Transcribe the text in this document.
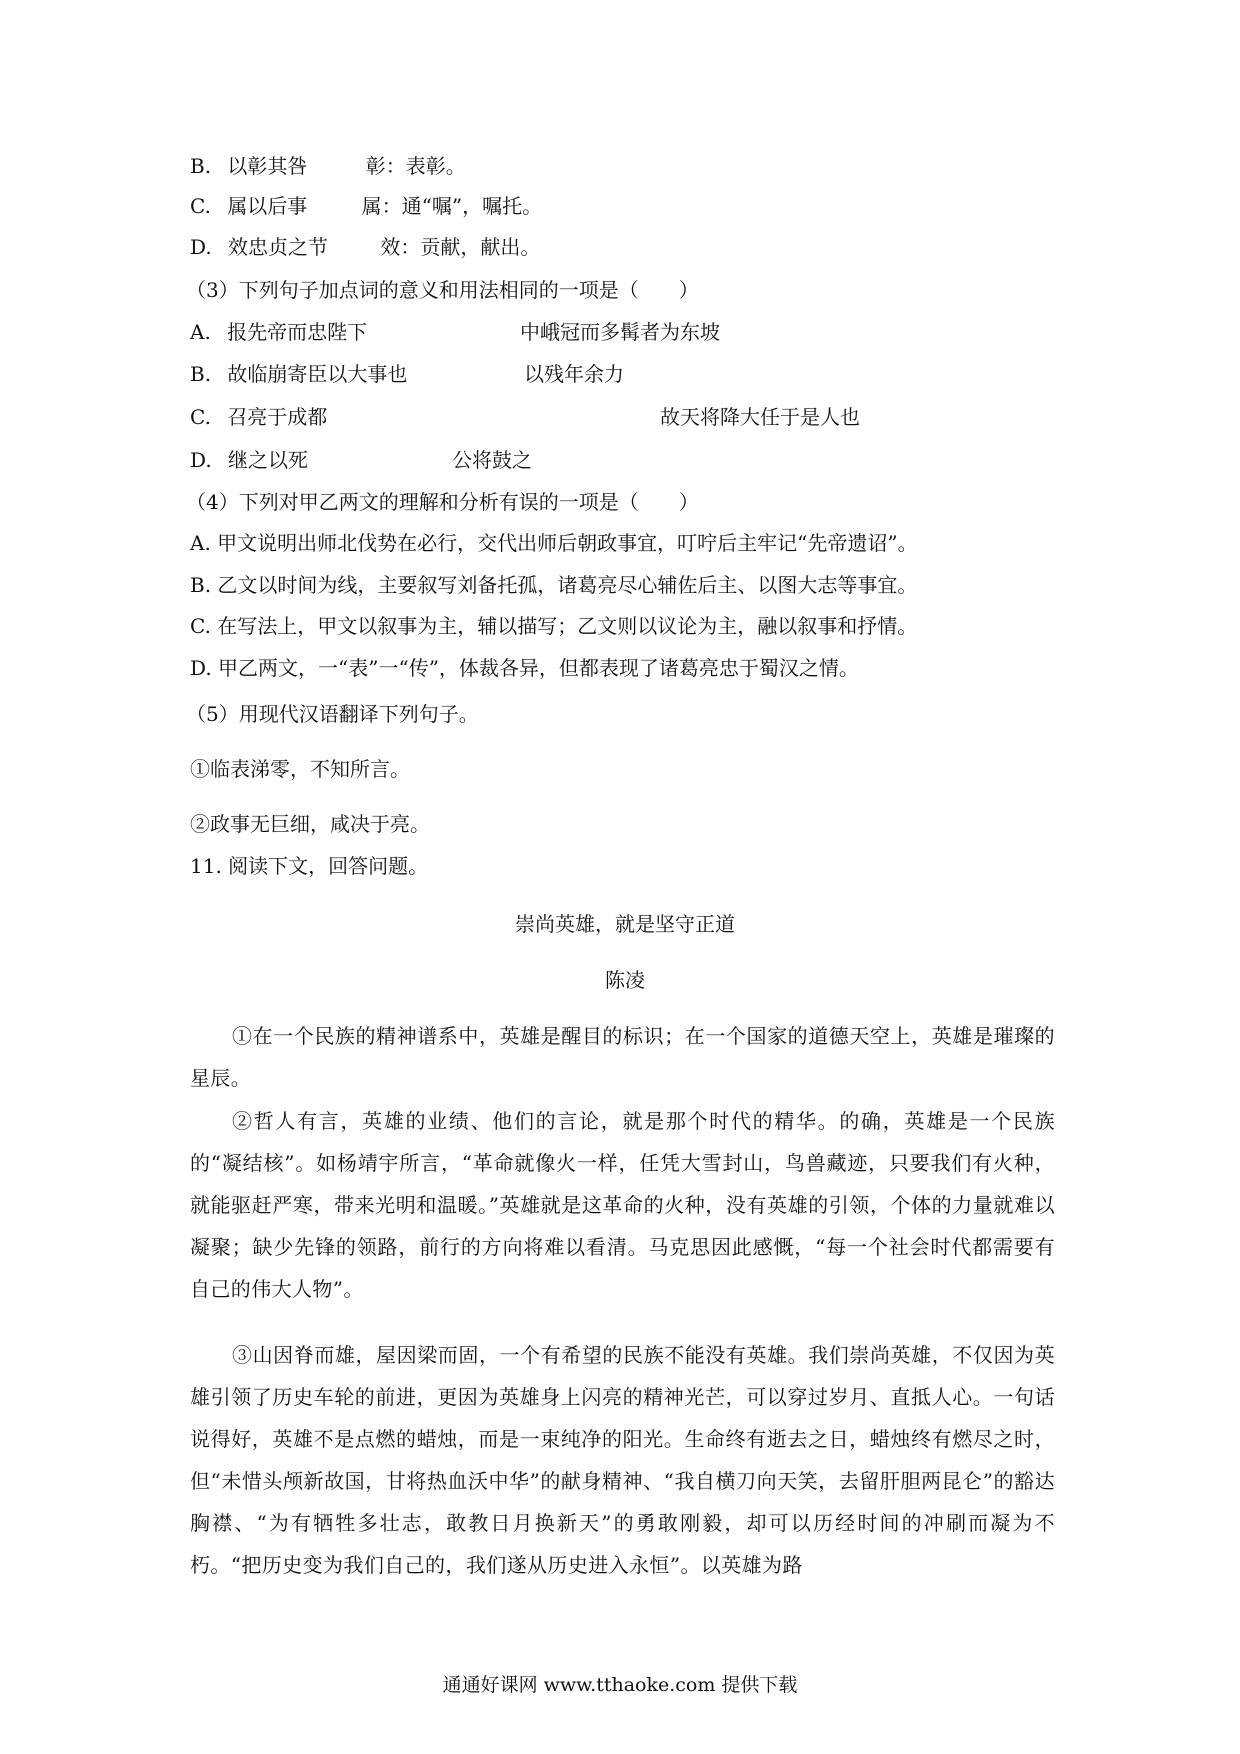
B. 以彰其咎	彰：表彰。
C. 属以后事	属：通“嘱”，嘱托。
D. 效忠贞之节	效：贡献，献出。
（3）下列句子加点词的意义和用法相同的一项是（　　）
A. 报先帝而忠陛下	中峨冠而多髯者为东坡
B. 故临崩寄臣以大事也	以残年余力
C. 召亮于成都	故天将降大任于是人也
D. 继之以死	公将鼓之
（4）下列对甲乙两文的理解和分析有误的一项是（　　）
A. 甲文说明出师北伐势在必行，交代出师后朝政事宜，叮咛后主牢记“先帝遗诏”。
B. 乙文以时间为线，主要叙写刘备托孤，诸葛亮尽心辅佐后主、以图大志等事宜。
C. 在写法上，甲文以叙事为主，辅以描写；乙文则以议论为主，融以叙事和抒情。
D. 甲乙两文，一“表”一“传”，体裁各异，但都表现了诸葛亮忠于蜀汉之情。
（5）用现代汉语翻译下列句子。
①临表涕零，不知所言。
②政事无巨细，咸决于亮。
11. 阅读下文，回答问题。
崇尚英雄，就是坚守正道
陈凌
①在一个民族的精神谱系中，英雄是醒目的标识；在一个国家的道德天空上，英雄是璀璨的星辰。
②哲人有言，英雄的业绩、他们的言论，就是那个时代的精华。的确，英雄是一个民族的“凝结核”。如杨靖宇所言，“革命就像火一样，任凭大雪封山，鸟兽藏迹，只要我们有火种，就能驱赶严寒，带来光明和温暖。”英雄就是这革命的火种，没有英雄的引领，个体的力量就难以凝聚；缺少先锋的领路，前行的方向将难以看清。马克思因此感慨，“每一个社会时代都需要有自己的伟大人物”。
③山因脊而雄，屋因梁而固，一个有希望的民族不能没有英雄。我们崇尚英雄，不仅因为英雄引领了历史车轮的前进，更因为英雄身上闪亮的精神光芒，可以穿过岁月、直抵人心。一句话说得好，英雄不是点燃的蜡烛，而是一束纯净的阳光。生命终有逝去之日，蜡烛终有燃尽之时，但“未惜头颅新故国，甘将热血沃中华”的献身精神、“我自横刀向天笑，去留肝胆两昆仑”的豁达胸襟、“为有牺牲多壮志，敢教日月换新天”的勇敢刚毅，却可以历经时间的冲刷而凝为不朽。“把历史变为我们自己的，我们遂从历史进入永恒”。以英雄为路
通通好课网 www.tthaoke.com 提供下载
